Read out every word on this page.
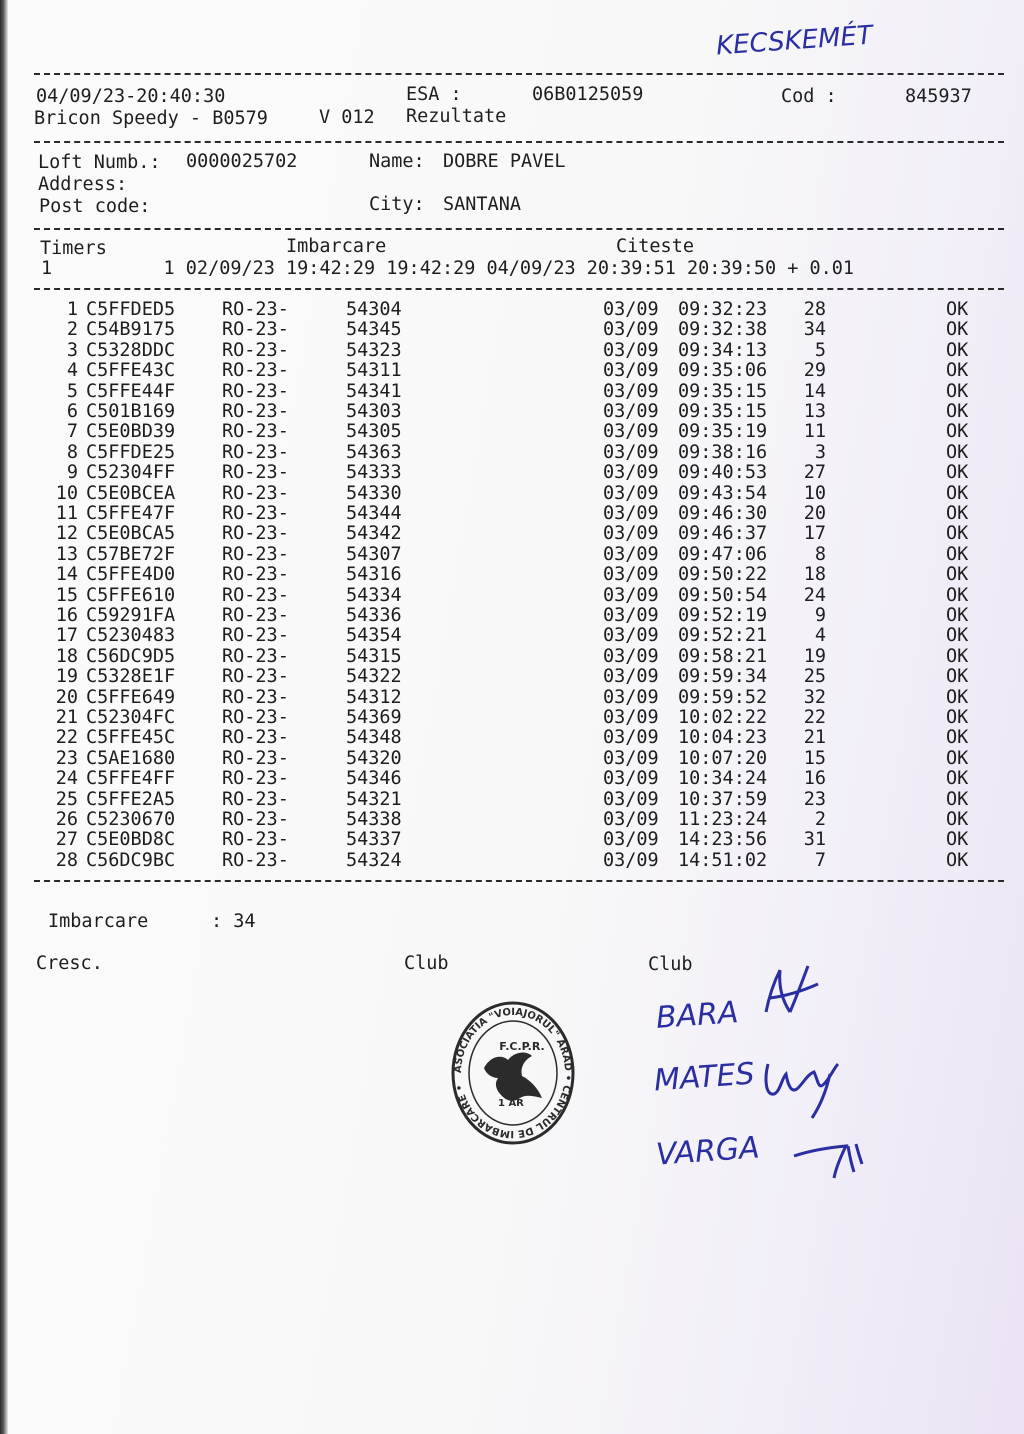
KECSKEMÉT
04/09/23-20:40:30	ESA :	06B0125059	Cod :	845937
Bricon Speedy - B0579	V 012 Rezultate
Loft Numb.: 0000025702	Name: DOBRE PAVEL
Address:
Post code:	City: SANTANA
Timers	Imbarcare	Citeste
1          1 02/09/23 19:42:29 19:42:29 04/09/23 20:39:51 20:39:50 + 0.01
1 C5FFDED5	RO-23-	54304	03/09 09:32:23	28	OK
2 C54B9175	RO-23-	54345	03/09 09:32:38	34	OK
3 C5328DDC	RO-23-	54323	03/09 09:34:13	5	OK
4 C5FFE43C	RO-23-	54311	03/09 09:35:06	29	OK
5 C5FFE44F	RO-23-	54341	03/09 09:35:15	14	OK
6 C501B169	RO-23-	54303	03/09 09:35:15	13	OK
7 C5E0BD39	RO-23-	54305	03/09 09:35:19	11	OK
8 C5FFDE25	RO-23-	54363	03/09 09:38:16	3	OK
9 C52304FF	RO-23-	54333	03/09 09:40:53	27	OK
10 C5E0BCEA	RO-23-	54330	03/09 09:43:54	10	OK
11 C5FFE47F	RO-23-	54344	03/09 09:46:30	20	OK
12 C5E0BCA5	RO-23-	54342	03/09 09:46:37	17	OK
13 C57BE72F	RO-23-	54307	03/09 09:47:06	8	OK
14 C5FFE4D0	RO-23-	54316	03/09 09:50:22	18	OK
15 C5FFE610	RO-23-	54334	03/09 09:50:54	24	OK
16 C59291FA	RO-23-	54336	03/09 09:52:19	9	OK
17 C5230483	RO-23-	54354	03/09 09:52:21	4	OK
18 C56DC9D5	RO-23-	54315	03/09 09:58:21	19	OK
19 C5328E1F	RO-23-	54322	03/09 09:59:34	25	OK
20 C5FFE649	RO-23-	54312	03/09 09:59:52	32	OK
21 C52304FC	RO-23-	54369	03/09 10:02:22	22	OK
22 C5FFE45C	RO-23-	54348	03/09 10:04:23	21	OK
23 C5AE1680	RO-23-	54320	03/09 10:07:20	15	OK
24 C5FFE4FF	RO-23-	54346	03/09 10:34:24	16	OK
25 C5FFE2A5	RO-23-	54321	03/09 10:37:59	23	OK
26 C5230670	RO-23-	54338	03/09 11:23:24	2	OK
27 C5E0BD8C	RO-23-	54337	03/09 14:23:56	31	OK
28 C56DC9BC	RO-23-	54324	03/09 14:51:02	7	OK
Imbarcare	: 34
Cresc.	Club	Club
ASOCIATIA "VOIAJORUL" ARAD • CENTRUL DE IMBARCARE •
F.C.P.R.
1 AR
BARA
MATES
VARGA
